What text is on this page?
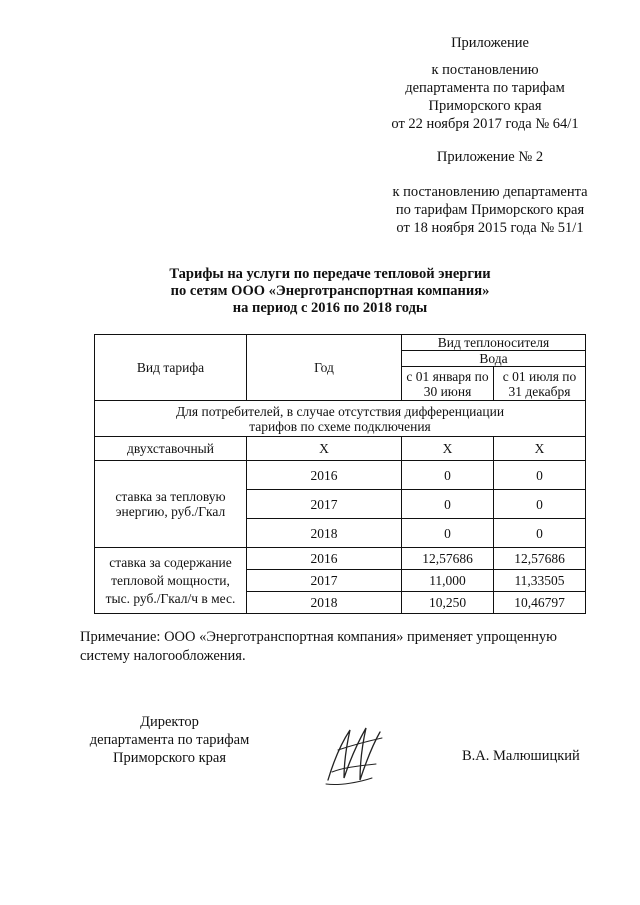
Приложение
к постановлению
департамента по тарифам
Приморского края
от 22 ноября 2017 года № 64/1
Приложение № 2
к постановлению департамента
по тарифам Приморского края
от 18 ноября 2015 года № 51/1
Тарифы на услуги по передаче тепловой энергии
по сетям ООО «Энерготранспортная компания»
на период с 2016 по 2018 годы
Вид тарифа	Год	Вид теплоносителя	
		Вода	
		с 01 января по 30 июня	с 01 июля по 31 декабря
Для потребителей, в случае отсутствия дифференциации тарифов по схеме подключения			
двухставочный	Х	Х	Х
ставка за тепловую энергию, руб./Гкал	2016	0	0
	2017	0	0
	2018	0	0
ставка за содержание тепловой мощности, тыс. руб./Гкал/ч в мес.	2016	12,57686	12,57686
	2017	11,000	11,33505
	2018	10,250	10,46797
Примечание: ООО «Энерготранспортная компания» применяет упрощенную
систему налогообложения.
Директор
департамента по тарифам
Приморского края	В.А. Малюшицкий
